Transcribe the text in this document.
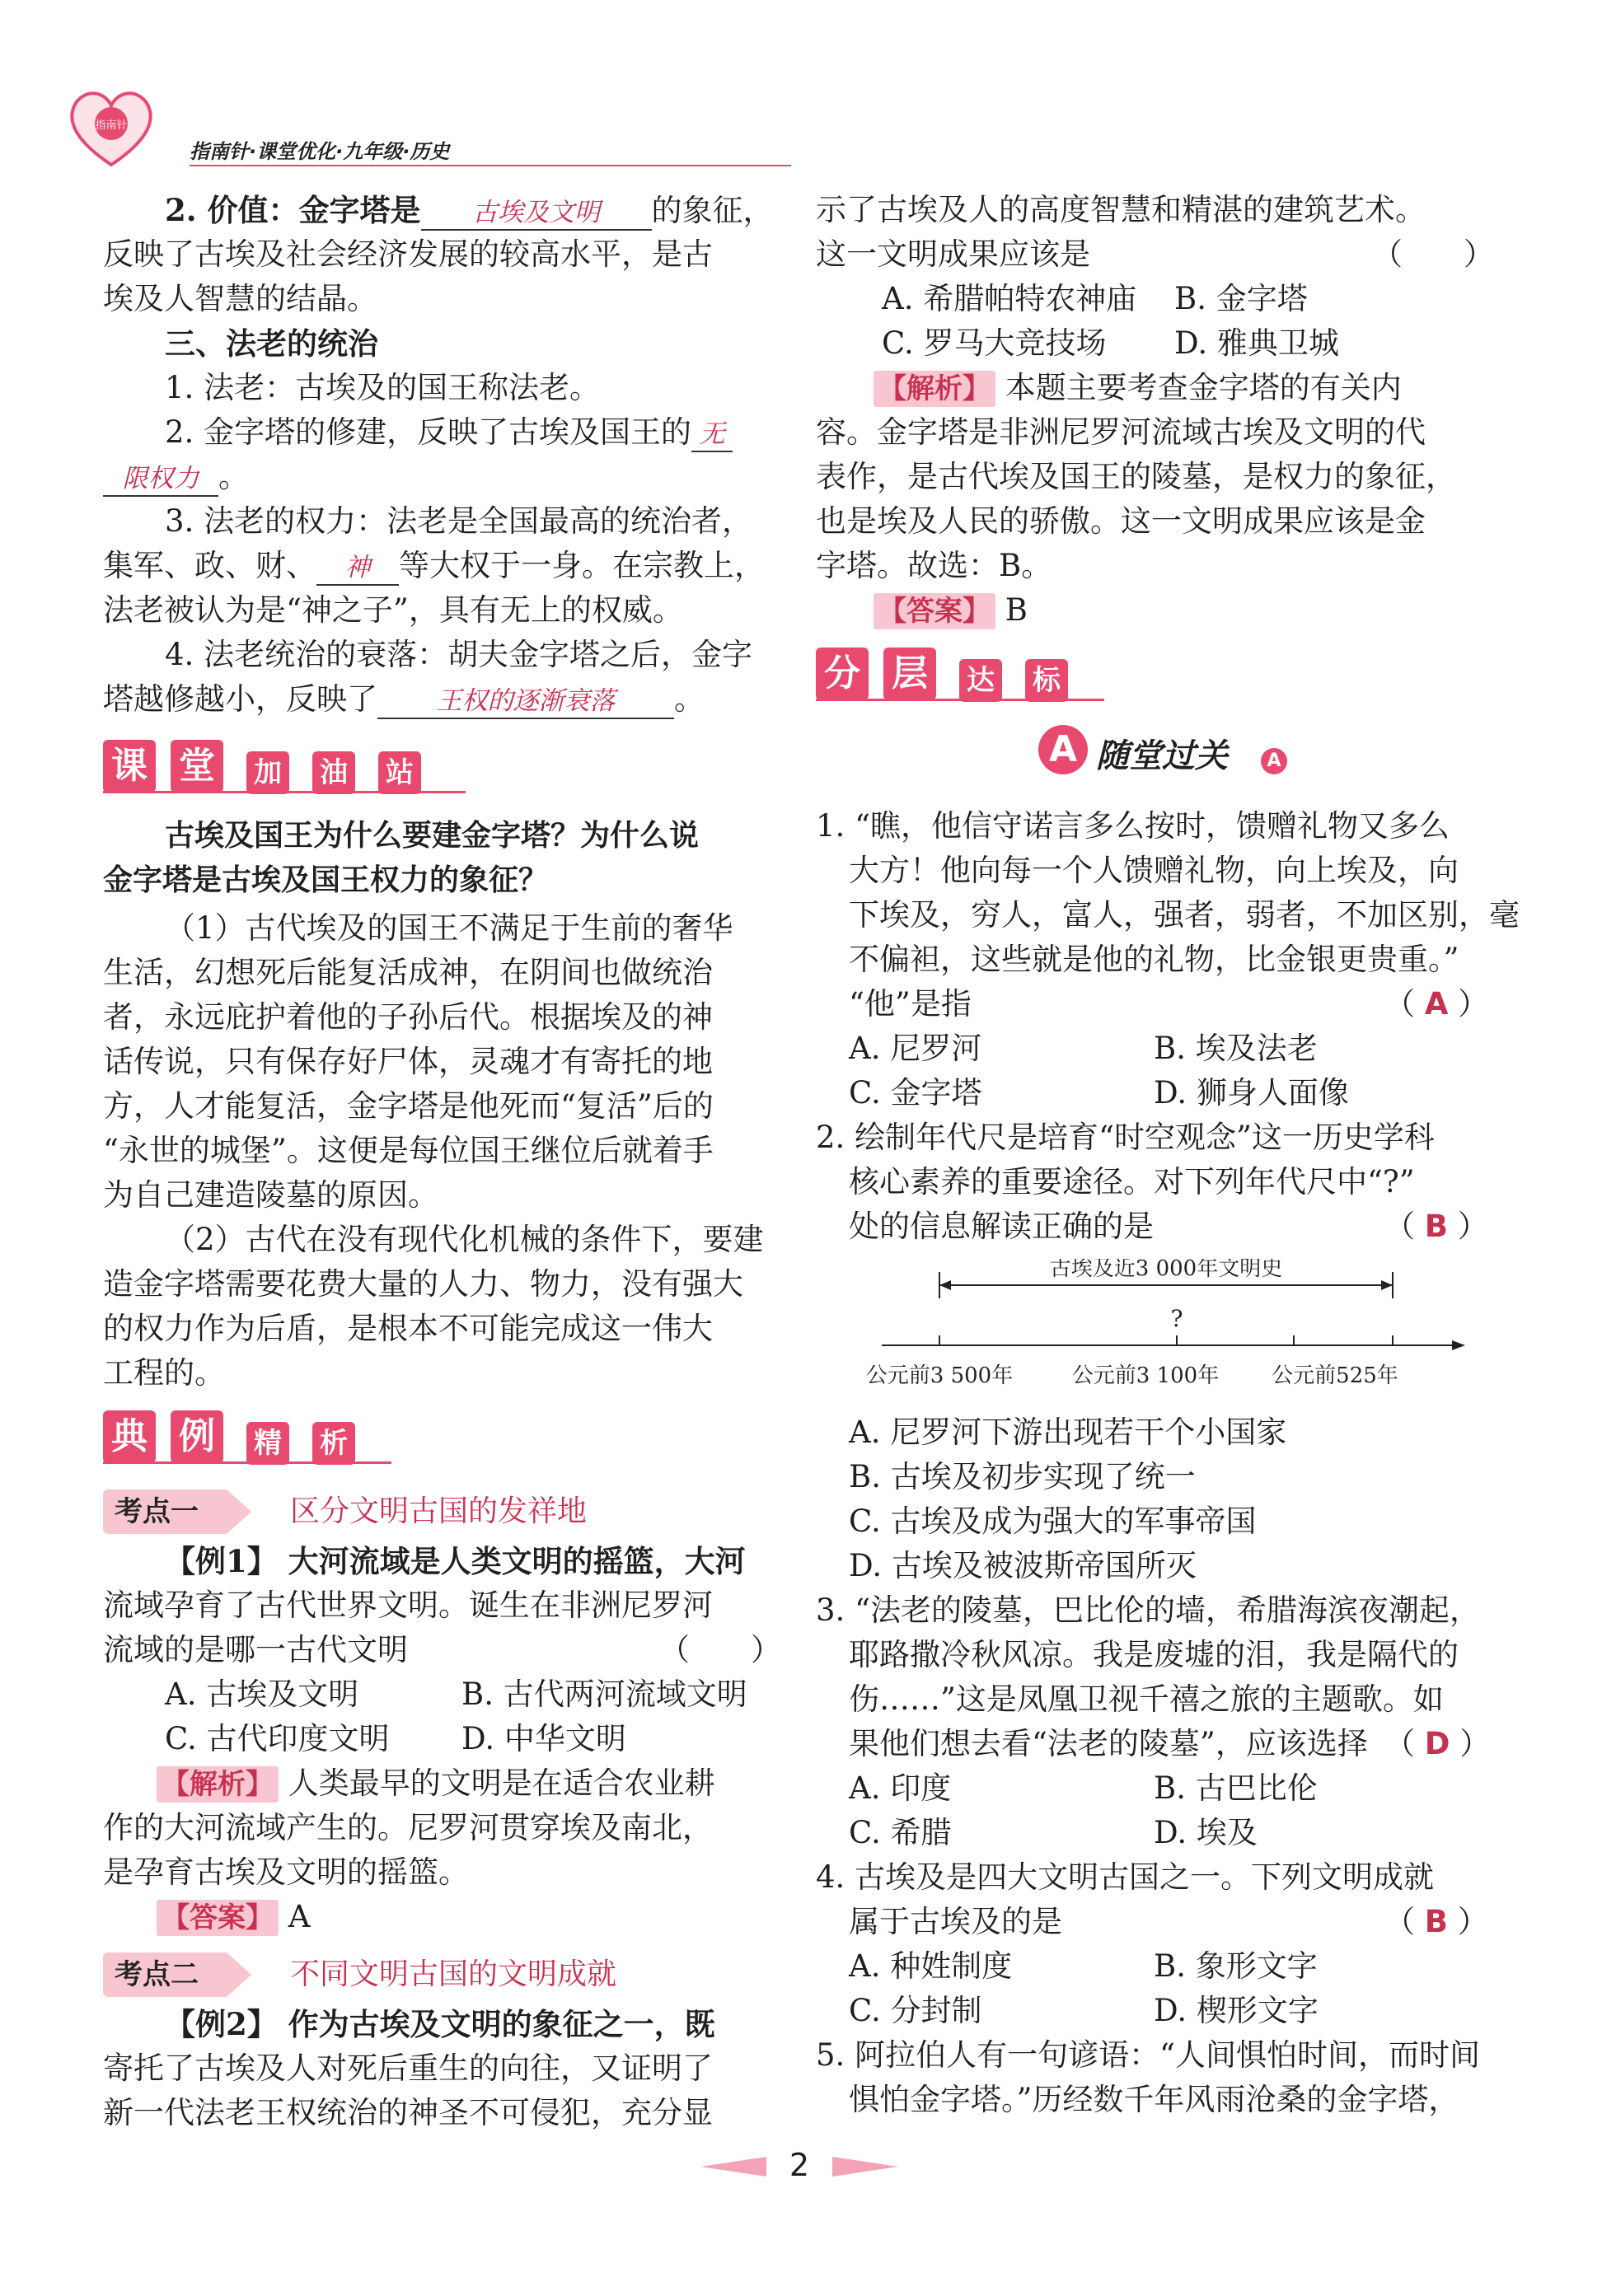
指南针
指南针·课堂优化·九年级·历史
2. 价值：金字塔是 古埃及文明 的象征，
反映了古埃及社会经济发展的较高水平，是古
埃及人智慧的结晶。
三、法老的统治
1. 法老：古埃及的国王称法老。
2. 金字塔的修建，反映了古埃及国王的 无
限权力 。
3. 法老的权力：法老是全国最高的统治者，
集军、政、财、 神 等大权于一身。在宗教上，
法老被认为是“神之子”，具有无上的权威。
4. 法老统治的衰落：胡夫金字塔之后，金字
塔越修越小，反映了 王权的逐渐衰落 。
课 堂 加 油 站
古埃及国王为什么要建金字塔？为什么说
金字塔是古埃及国王权力的象征？
（1）古代埃及的国王不满足于生前的奢华
生活，幻想死后能复活成神，在阴间也做统治
者，永远庇护着他的子孙后代。根据埃及的神
话传说，只有保存好尸体，灵魂才有寄托的地
方，人才能复活，金字塔是他死而“复活”后的
“永世的城堡”。这便是每位国王继位后就着手
为自己建造陵墓的原因。
（2）古代在没有现代化机械的条件下，要建
造金字塔需要花费大量的人力、物力，没有强大
的权力作为后盾，是根本不可能完成这一伟大
工程的。
典 例 精 析
考点一	区分文明古国的发祥地
【例1】 大河流域是人类文明的摇篮，大河
流域孕育了古代世界文明。诞生在非洲尼罗河
流域的是哪一古代文明	（　　）
A. 古埃及文明	B. 古代两河流域文明
C. 古代印度文明 D. 中华文明
【解析】 人类最早的文明是在适合农业耕
作的大河流域产生的。尼罗河贯穿埃及南北，
是孕育古埃及文明的摇篮。
【答案】 A
考点二	不同文明古国的文明成就
【例2】 作为古埃及文明的象征之一，既
寄托了古埃及人对死后重生的向往，又证明了
新一代法老王权统治的神圣不可侵犯，充分显
示了古埃及人的高度智慧和精湛的建筑艺术。
这一文明成果应该是	（　　）
A. 希腊帕特农神庙 B. 金字塔
C. 罗马大竞技场 D. 雅典卫城
【解析】 本题主要考查金字塔的有关内
容。金字塔是非洲尼罗河流域古埃及文明的代
表作，是古代埃及国王的陵墓，是权力的象征，
也是埃及人民的骄傲。这一文明成果应该是金
字塔。故选：B。
【答案】 B
分 层 达 标
A 随堂过关	A
1. “瞧，他信守诺言多么按时，馈赠礼物又多么
大方！他向每一个人馈赠礼物，向上埃及，向
下埃及，穷人，富人，强者，弱者，不加区别，毫
不偏袒，这些就是他的礼物，比金银更贵重。”
“他”是指	（ A ）
A. 尼罗河	B. 埃及法老
C. 金字塔	D. 狮身人面像
2. 绘制年代尺是培育“时空观念”这一历史学科
核心素养的重要途径。对下列年代尺中“?”
处的信息解读正确的是	（ B ）
古埃及近3 000年文明史
?
公元前3 500年	公元前3 100年 公元前525年
A. 尼罗河下游出现若干个小国家
B. 古埃及初步实现了统一
C. 古埃及成为强大的军事帝国
D. 古埃及被波斯帝国所灭
3. “法老的陵墓，巴比伦的墙，希腊海滨夜潮起，
耶路撒冷秋风凉。我是废墟的泪，我是隔代的
伤……”这是凤凰卫视千禧之旅的主题歌。如
果他们想去看“法老的陵墓”，应该选择 （ D ）
A. 印度	B. 古巴比伦
C. 希腊	D. 埃及
4. 古埃及是四大文明古国之一。下列文明成就
属于古埃及的是	（ B ）
A. 种姓制度	B. 象形文字
C. 分封制	D. 楔形文字
5. 阿拉伯人有一句谚语：“人间惧怕时间，而时间
惧怕金字塔。”历经数千年风雨沧桑的金字塔，
2
